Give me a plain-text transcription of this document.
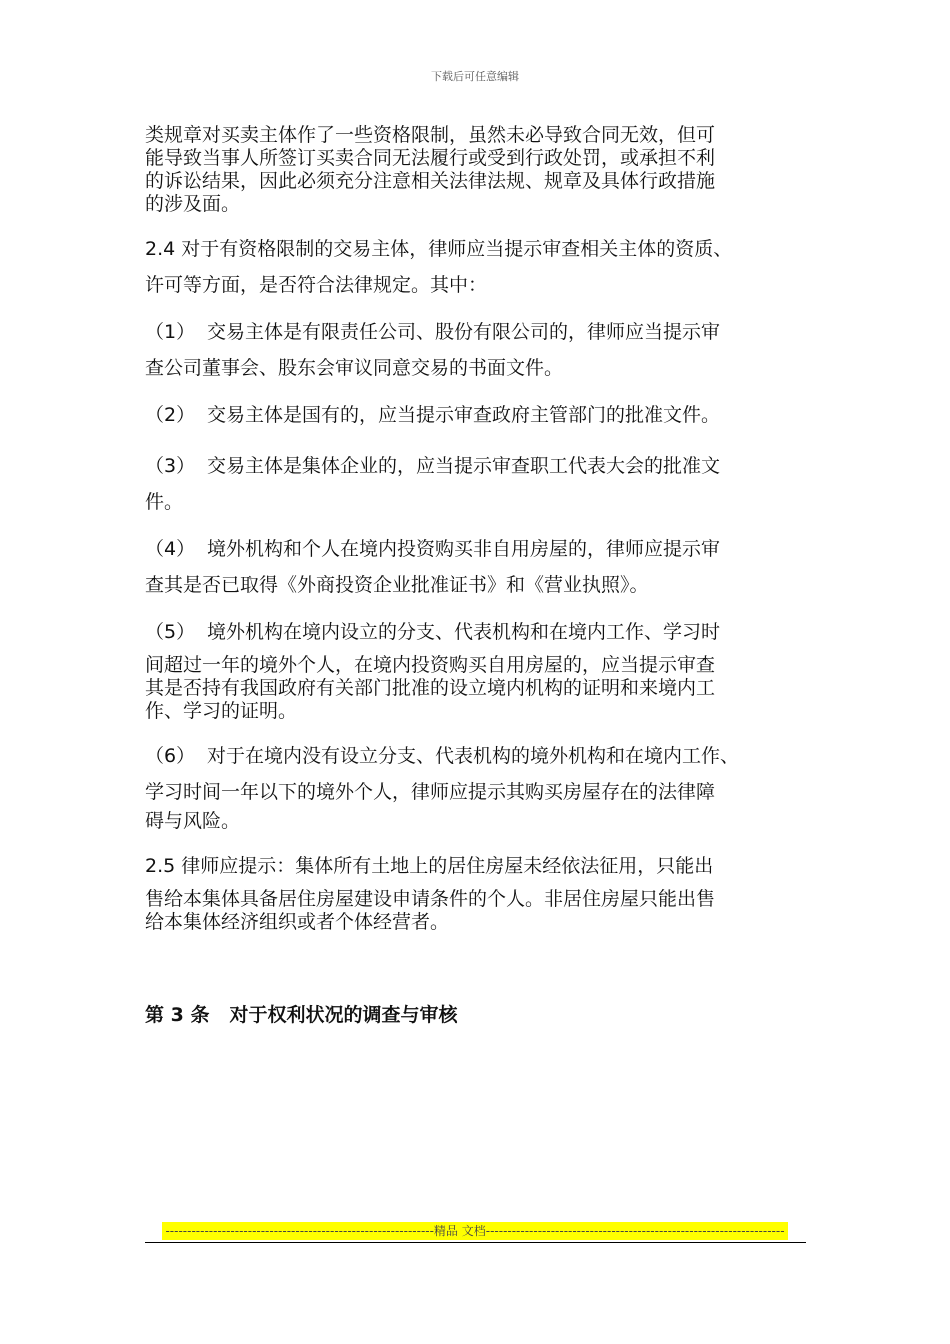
下载后可任意编辑

类规章对买卖主体作了一些资格限制，虽然未必导致合同无效，但可
能导致当事人所签订买卖合同无法履行或受到行政处罚，或承担不利
的诉讼结果，因此必须充分注意相关法律法规、规章及具体行政措施
的涉及面。

2.4 对于有资格限制的交易主体，律师应当提示审查相关主体的资质、
许可等方面，是否符合法律规定。其中：

（1） 交易主体是有限责任公司、股份有限公司的，律师应当提示审
查公司董事会、股东会审议同意交易的书面文件。

（2） 交易主体是国有的，应当提示审查政府主管部门的批准文件。

（3） 交易主体是集体企业的，应当提示审查职工代表大会的批准文
件。

（4） 境外机构和个人在境内投资购买非自用房屋的，律师应提示审
查其是否已取得《外商投资企业批准证书》和《营业执照》。

（5） 境外机构在境内设立的分支、代表机构和在境内工作、学习时
间超过一年的境外个人，在境内投资购买自用房屋的，应当提示审查
其是否持有我国政府有关部门批准的设立境内机构的证明和来境内工
作、学习的证明。

（6） 对于在境内没有设立分支、代表机构的境外机构和在境内工作、
学习时间一年以下的境外个人，律师应提示其购买房屋存在的法律障
碍与风险。

2.5 律师应提示：集体所有土地上的居住房屋未经依法征用，只能出
售给本集体具备居住房屋建设申请条件的个人。非居住房屋只能出售
给本集体经济组织或者个体经营者。

第 3 条 对于权利状况的调查与审核
--------------------------------------------------------------精品 文档---------------------------------------------------------------------
